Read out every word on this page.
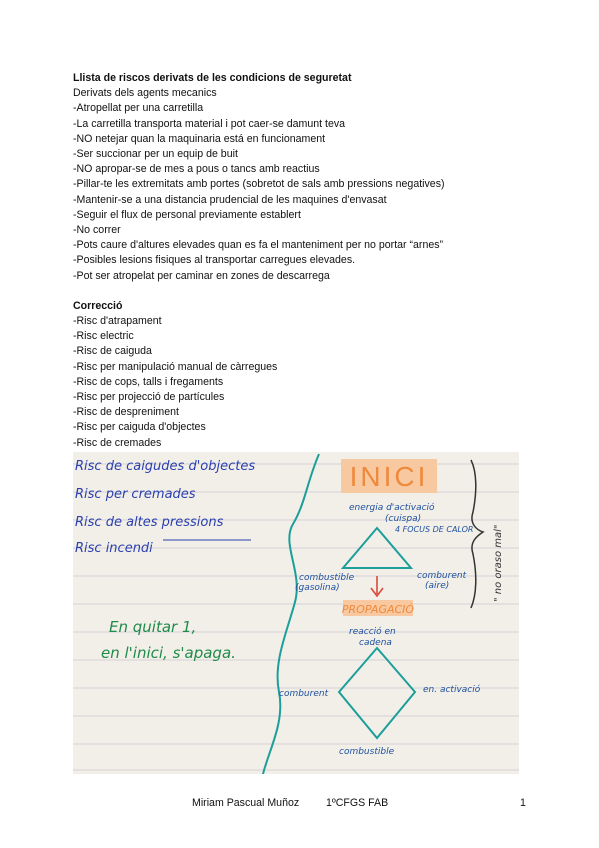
Llista de riscos derivats de les condicions de seguretat
Derivats dels agents mecanics
-Atropellat per una carretilla
-La carretilla transporta material i pot caer-se damunt teva
-NO netejar quan la maquinaria está en funcionament
-Ser succionar per un equip de buit
-NO apropar-se de mes a pous o tancs amb reactius
-Pillar-te les extremitats amb portes (sobretot de sals amb pressions negatives)
-Mantenir-se a una distancia prudencial de les maquines d'envasat
-Seguir el flux de personal previamente establert
-No correr
-Pots caure d'altures elevades quan es fa el manteniment per no portar “arnes”
-Posibles lesions fisiques al transportar carregues elevades.
-Pot ser atropelat per caminar en zones de descarrega
Correcció
-Risc d'atrapament
-Risc electric
-Risc de caiguda
-Risc per manipulació manual de càrregues
-Risc de cops, talls i fregaments
-Risc per projecció de partícules
-Risc de despreniment
-Risc per caiguda d'objectes
-Risc de cremades
Risc de caigudes d'objectes
Risc per cremades
Risc de altes pressions
Risc incendi
En quitar 1,
en l'inici, s'apaga.
INICI
energia d'activació
(cuispa)
4 FOCUS DE CALOR
combustible
(gasolina)
comburent
(aire)
PROPAGACIÓ
reacció en
cadena
comburent	en. activació
combustible
" no oraso mal"
Miriam Pascual Muñoz	1ºCFGS FAB	1
